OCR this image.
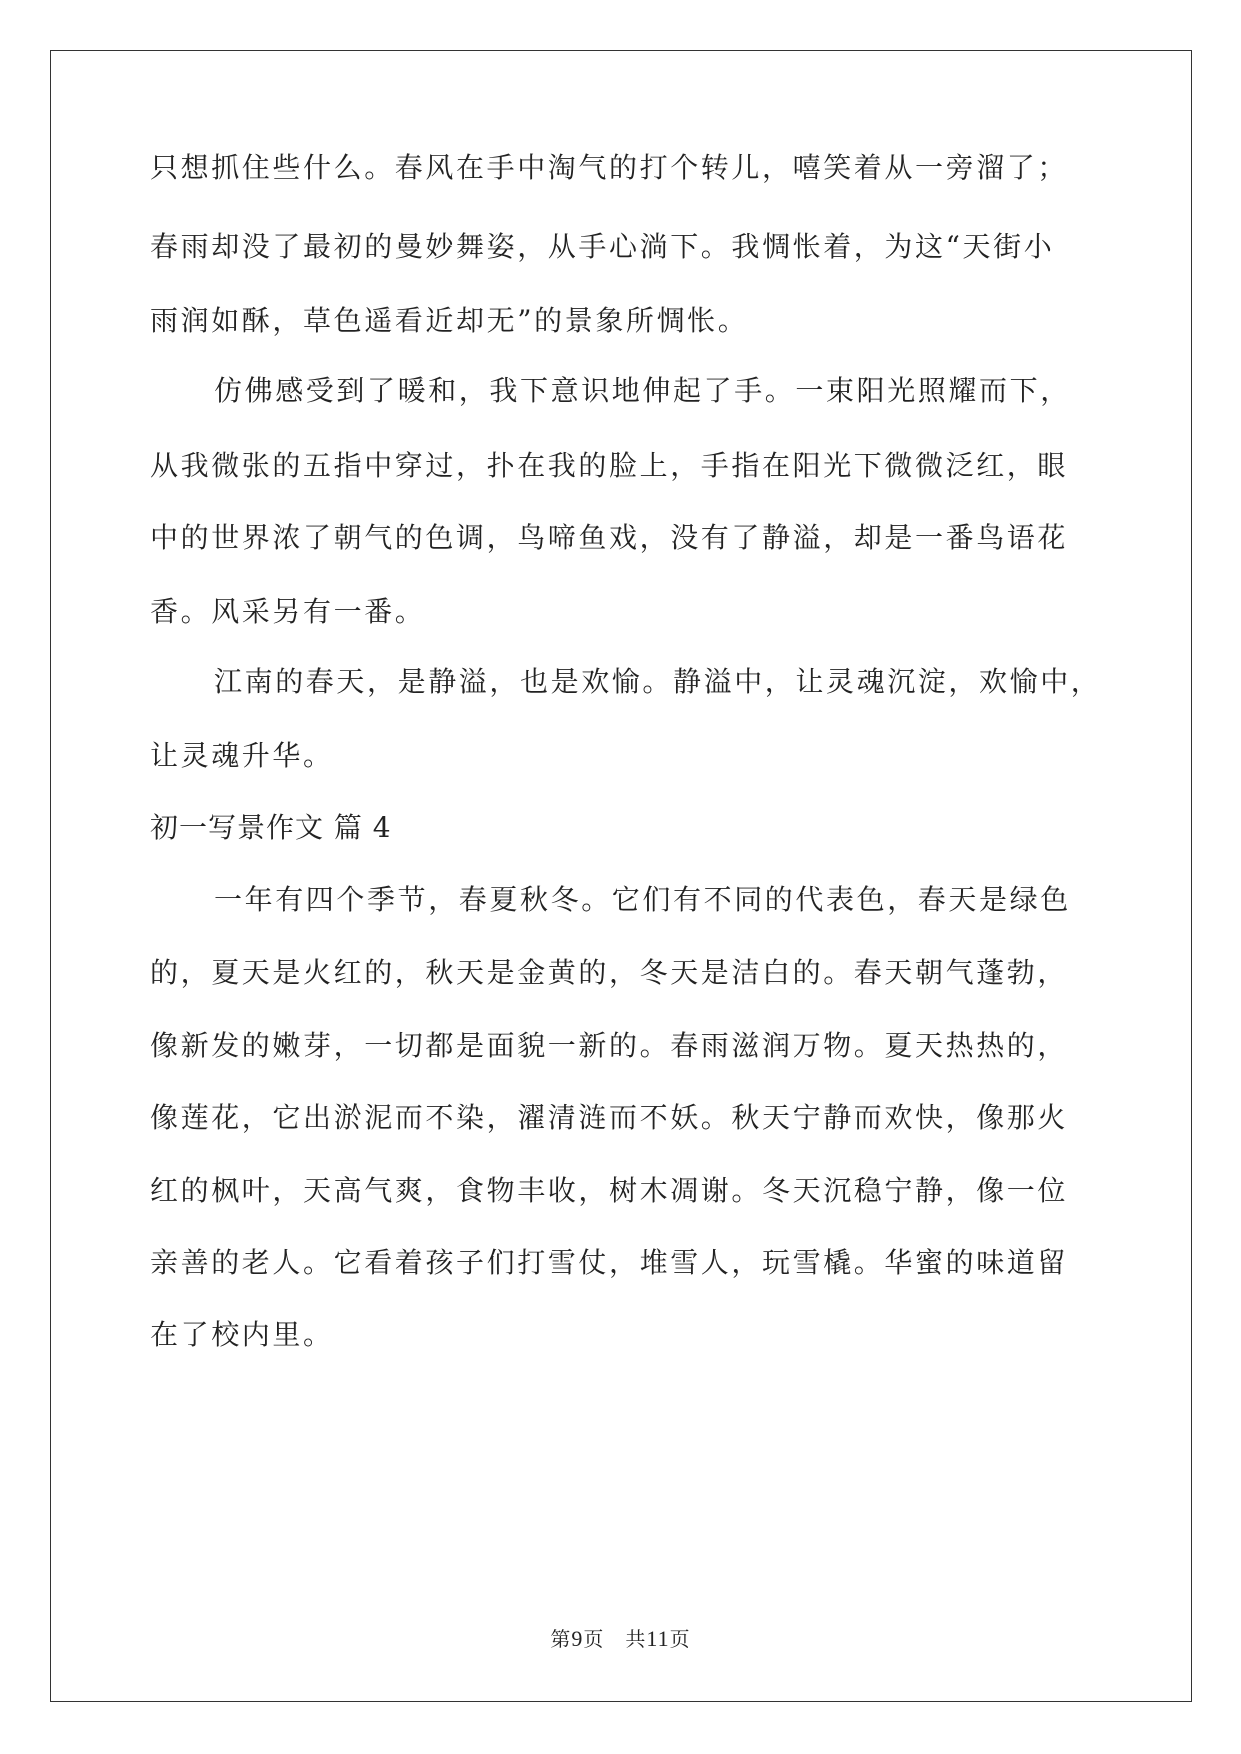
只想抓住些什么。春风在手中淘气的打个转儿，嘻笑着从一旁溜了；
春雨却没了最初的曼妙舞姿，从手心淌下。我惆怅着，为这“天街小
雨润如酥，草色遥看近却无”的景象所惆怅。
仿佛感受到了暖和，我下意识地伸起了手。一束阳光照耀而下，
从我微张的五指中穿过，扑在我的脸上，手指在阳光下微微泛红，眼
中的世界浓了朝气的色调，鸟啼鱼戏，没有了静溢，却是一番鸟语花
香。风采另有一番。
江南的春天，是静溢，也是欢愉。静溢中，让灵魂沉淀，欢愉中，
让灵魂升华。
初一写景作文 篇 4
一年有四个季节，春夏秋冬。它们有不同的代表色，春天是绿色
的，夏天是火红的，秋天是金黄的，冬天是洁白的。春天朝气蓬勃，
像新发的嫩芽，一切都是面貌一新的。春雨滋润万物。夏天热热的，
像莲花，它出淤泥而不染，濯清涟而不妖。秋天宁静而欢快，像那火
红的枫叶，天高气爽，食物丰收，树木凋谢。冬天沉稳宁静，像一位
亲善的老人。它看着孩子们打雪仗，堆雪人，玩雪橇。华蜜的味道留
在了校内里。
第9页　共11页
